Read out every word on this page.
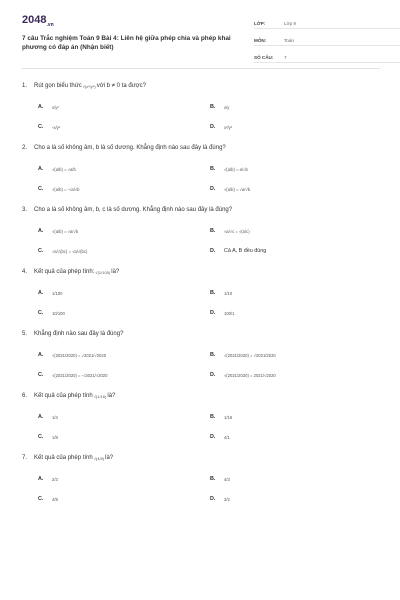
$2048_{.vn}$
7 câu Trắc nghiệm Toán 9 Bài 4: Liên hệ giữa phép chia và phép khai phương có đáp án (Nhận biết)
LỚP:	Lớp 9
MÔN:	Toán
SỐ CÂU:	7
1.	Rút gọn biểu thức √(x²/y⁴) với b ≠ 0 ta được?
A.	x/y²	B.	x/y
C.	-x/y²	D.	x²/y²
2.	Cho a là số không âm, b là số dương. Khẳng định nào sau đây là đúng?
A.	√(a/b) = √a/b	B.	√(a/b) = a/√b
C.	√(a/b) = -√a/√b	D.	√(a/b) = √a/√b
3.	Cho a là số không âm, b, c là số dương. Khẳng định nào sau đây là đúng?
A.	√(a/b) = √a/√b	B.	√a/√c = √(a/c)
C.	√a/√(bc) = √a/√(bc)	D.	Cả A, B đều đúng
4.	Kết quả của phép tính: √(1/100) là?
A.	1/100	B.	1/10
C.	10/100	D.	100/1
5.	Khẳng định nào sau đây là đúng?
A.	√(2021/2020) = √2021/√2020	B.	√(2021/2020) = √2021/2020
C.	√(2021/2020) = -√2021/√2020	D.	√(2021/2020) = 2021/√2020
6.	Kết quả của phép tính √(1/16) là?
A.	1/4	B.	1/16
C.	1/8	D.	4/1
7.	Kết quả của phép tính √(4/9) là?
A.	2/3	B.	4/3
C.	4/9	D.	3/2
